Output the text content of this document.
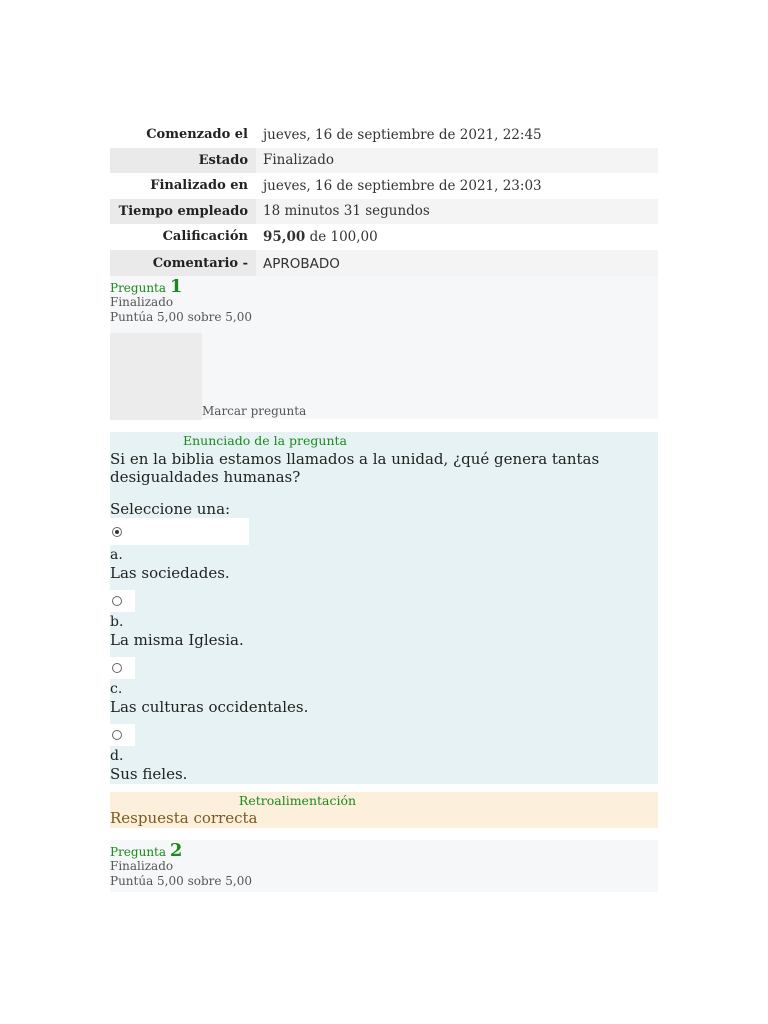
Comenzado el	jueves, 16 de septiembre de 2021, 22:45
Estado	Finalizado
Finalizado en	jueves, 16 de septiembre de 2021, 23:03
Tiempo empleado	18 minutos 31 segundos
Calificación	95,00 de 100,00
Comentario -	APROBADO
Pregunta 1
Finalizado
Puntúa 5,00 sobre 5,00
Marcar pregunta
Enunciado de la pregunta
Si en la biblia estamos llamados a la unidad, ¿qué genera tantas desigualdades humanas?
Seleccione una:
a.
Las sociedades.
b.
La misma Iglesia.
c.
Las culturas occidentales.
d.
Sus fieles.
Retroalimentación
Respuesta correcta
Pregunta 2
Finalizado
Puntúa 5,00 sobre 5,00
